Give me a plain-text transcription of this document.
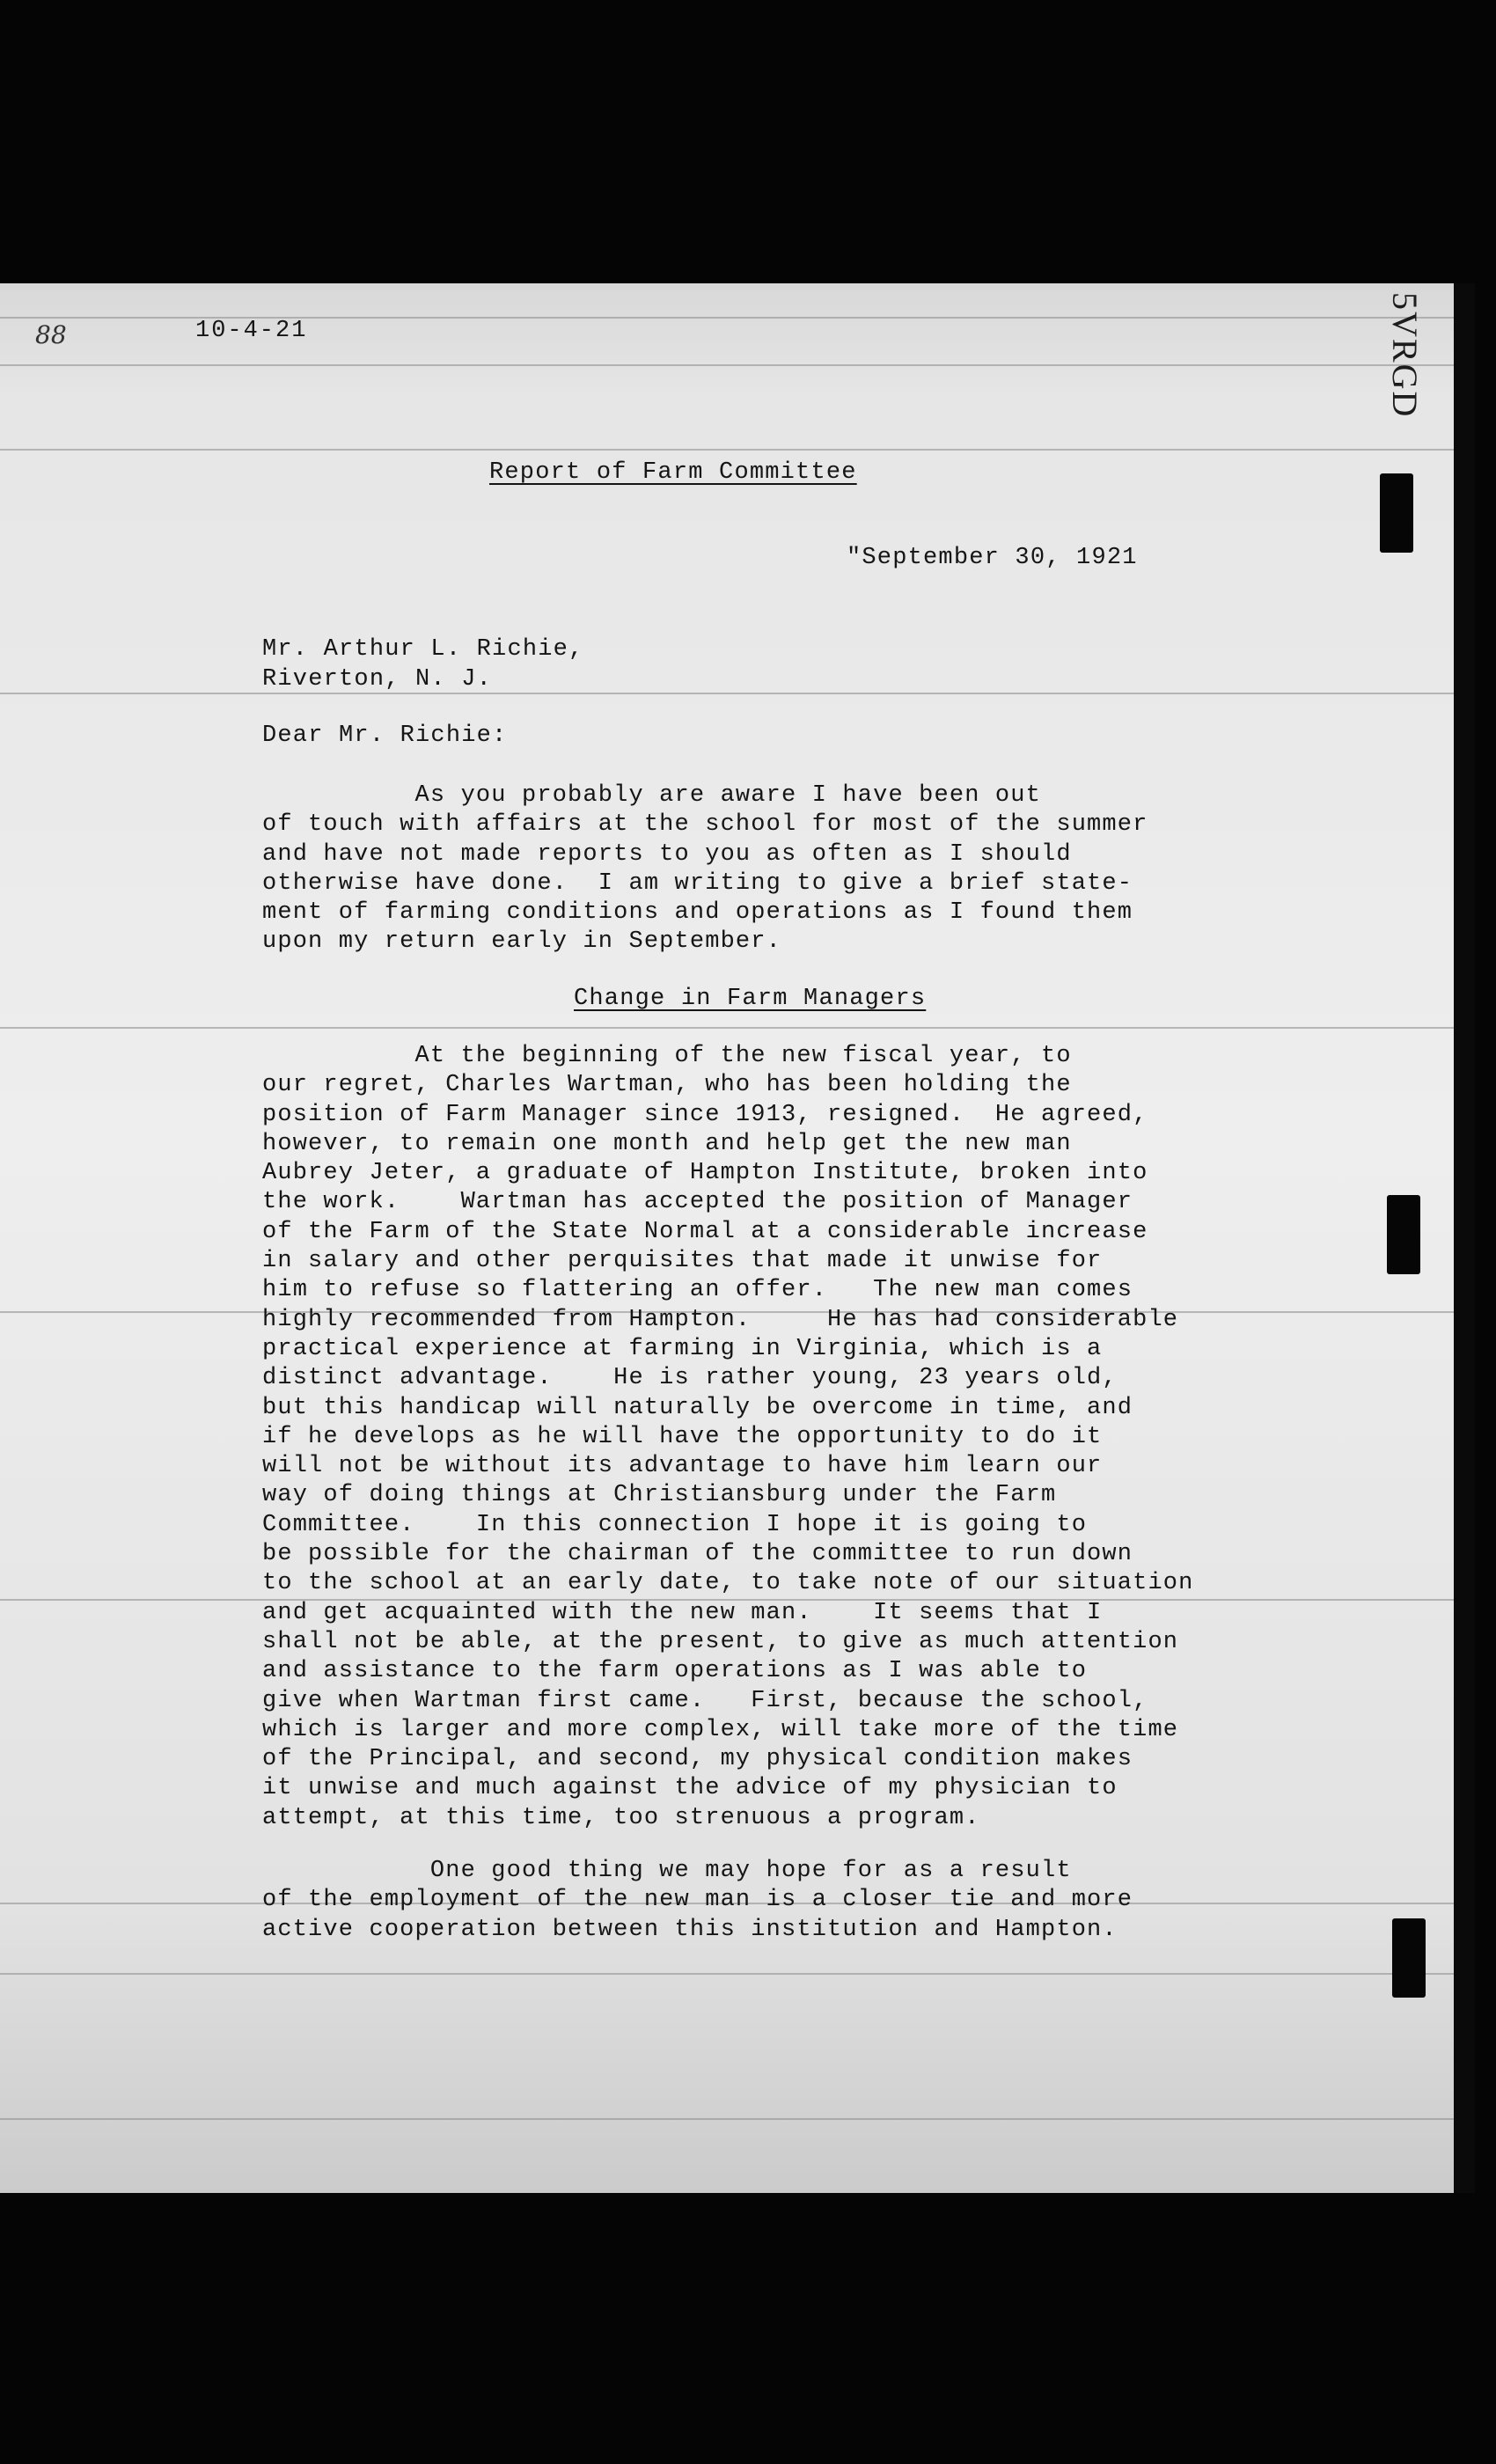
5VRGD
88	10-4-21
Report of Farm Committee
"September 30, 1921
Mr. Arthur L. Richie,
Riverton, N. J.
Dear Mr. Richie:
As you probably are aware I have been out
of touch with affairs at the school for most of the summer
and have not made reports to you as often as I should
otherwise have done.  I am writing to give a brief state-
ment of farming conditions and operations as I found them
upon my return early in September.
Change in Farm Managers
At the beginning of the new fiscal year, to
our regret, Charles Wartman, who has been holding the
position of Farm Manager since 1913, resigned.  He agreed,
however, to remain one month and help get the new man
Aubrey Jeter, a graduate of Hampton Institute, broken into
the work.    Wartman has accepted the position of Manager
of the Farm of the State Normal at a considerable increase
in salary and other perquisites that made it unwise for
him to refuse so flattering an offer.   The new man comes
highly recommended from Hampton.     He has had considerable
practical experience at farming in Virginia, which is a
distinct advantage.    He is rather young, 23 years old,
but this handicap will naturally be overcome in time, and
if he develops as he will have the opportunity to do it
will not be without its advantage to have him learn our
way of doing things at Christiansburg under the Farm
Committee.    In this connection I hope it is going to
be possible for the chairman of the committee to run down
to the school at an early date, to take note of our situation
and get acquainted with the new man.    It seems that I
shall not be able, at the present, to give as much attention
and assistance to the farm operations as I was able to
give when Wartman first came.   First, because the school,
which is larger and more complex, will take more of the time
of the Principal, and second, my physical condition makes
it unwise and much against the advice of my physician to
attempt, at this time, too strenuous a program.
One good thing we may hope for as a result
of the employment of the new man is a closer tie and more
active cooperation between this institution and Hampton.
